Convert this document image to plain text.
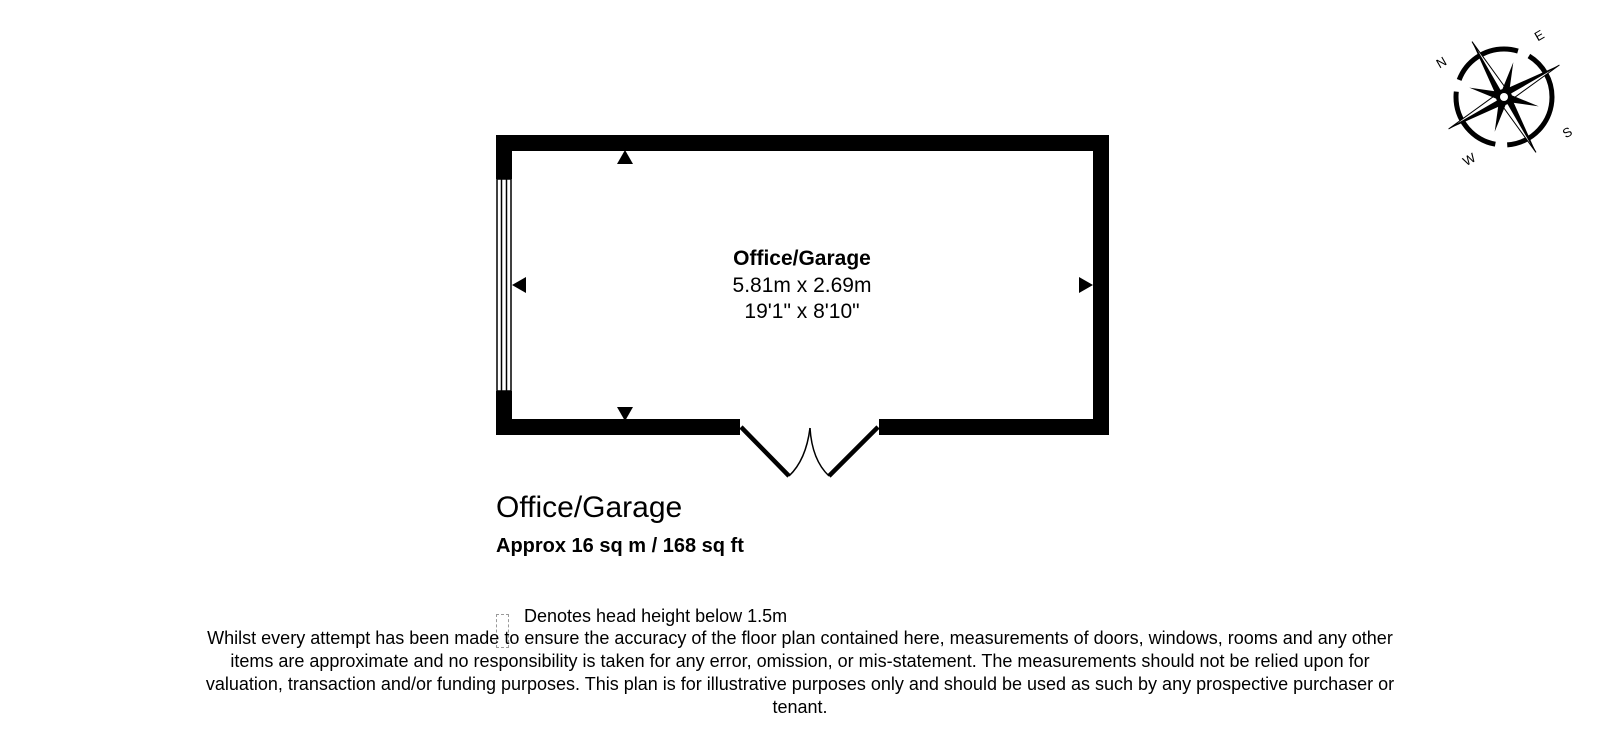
Office/Garage
5.81m x 2.69m
19'1" x 8'10"
N
E
S
W
Office/Garage
Approx 16 sq m / 168 sq ft
Denotes head height below 1.5m
Whilst every attempt has been made to ensure the accuracy of the floor plan contained here, measurements of doors, windows, rooms and any other items are approximate and no responsibility is taken for any error, omission, or mis-statement. The measurements should not be relied upon for valuation, transaction and/or funding purposes. This plan is for illustrative purposes only and should be used as such by any prospective purchaser or tenant.
